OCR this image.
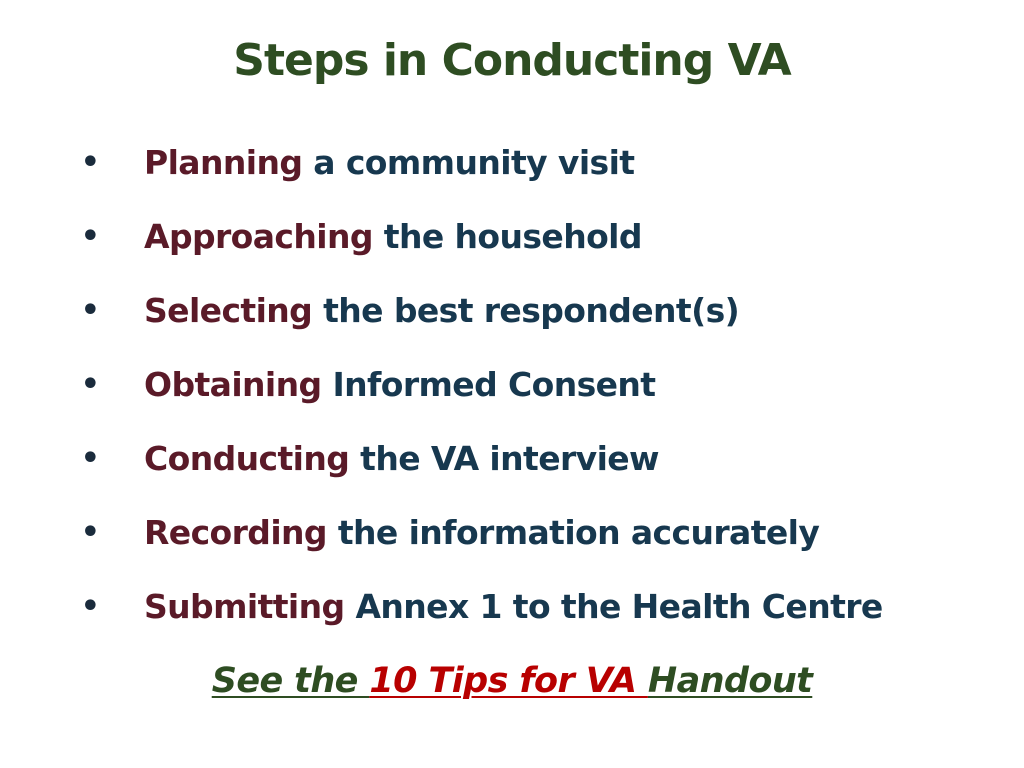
Steps in Conducting VA
• Planning a community visit
• Approaching the household
• Selecting the best respondent(s)
• Obtaining Informed Consent
• Conducting the VA interview
• Recording the information accurately
• Submitting Annex 1 to the Health Centre
See the 10 Tips for VA Handout
